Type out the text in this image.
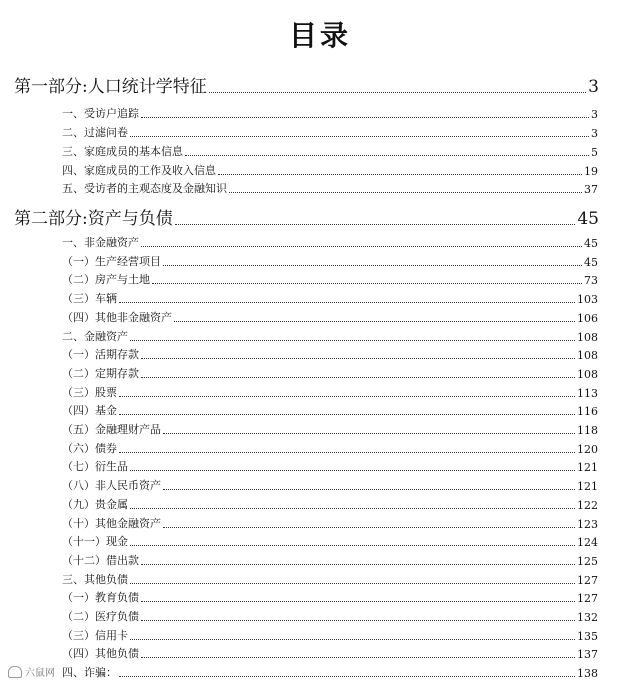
目录
第一部分:人口统计学特征	3
一、受访户追踪	3
二、过滤问卷	3
三、家庭成员的基本信息	5
四、家庭成员的工作及收入信息	19
五、受访者的主观态度及金融知识	37
第二部分:资产与负债	45
一、非金融资产	45
（一）生产经营项目	45
（二）房产与土地	73
（三）车辆	103
（四）其他非金融资产	106
二、金融资产	108
（一）活期存款	108
（二）定期存款	108
（三）股票	113
（四）基金	116
（五）金融理财产品	118
（六）债券	120
（七）衍生品	121
（八）非人民币资产	121
（九）贵金属	122
（十）其他金融资产	123
（十一）现金	124
（十二）借出款	125
三、其他负债	127
（一）教育负债	127
（二）医疗负债	132
（三）信用卡	135
（四）其他负债	137
四、诈骗：	138
六鼠网
